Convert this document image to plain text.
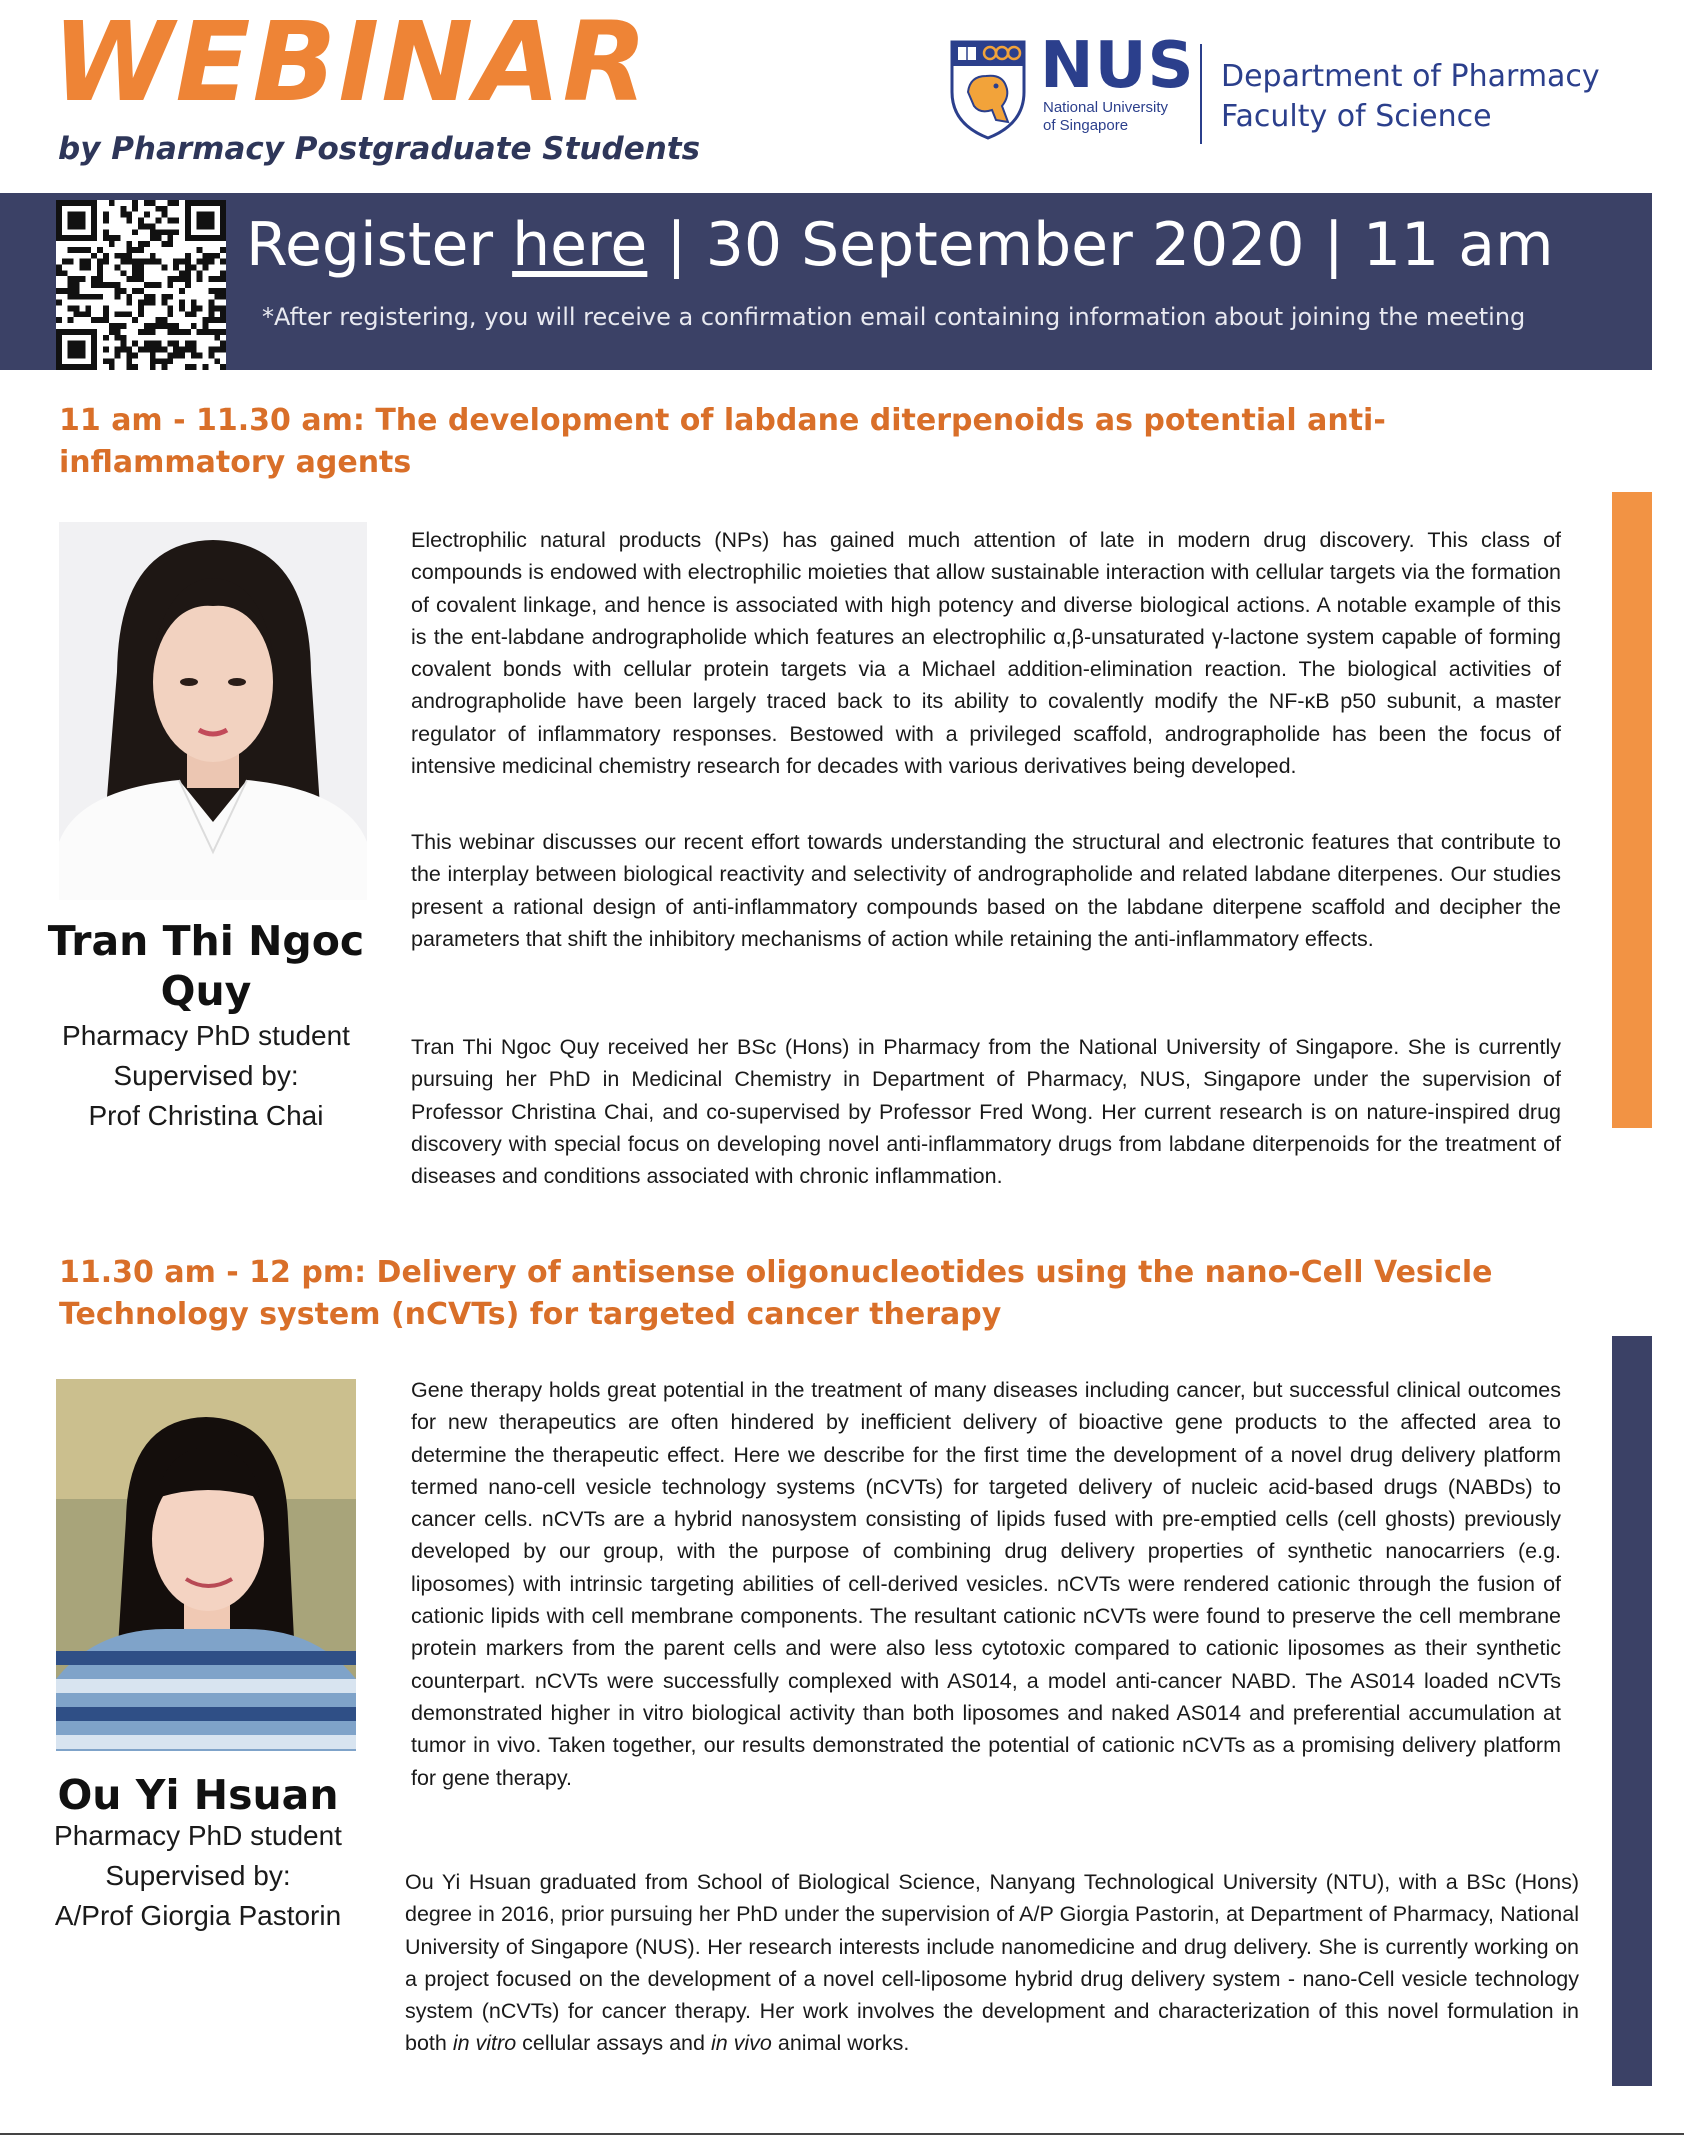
WEBINAR

by Pharmacy Postgraduate Students

NUS
National University
of Singapore
Department of Pharmacy
Faculty of Science
Register here | 30 September 2020 | 11 am
*After registering, you will receive a confirmation email containing information about joining the meeting
11 am - 11.30 am: The development of labdane diterpenoids as potential anti-inflammatory agents
Tran Thi Ngoc Quy
Pharmacy PhD student
Supervised by:
Prof Christina Chai

Electrophilic natural products (NPs) has gained much attention of late in modern drug discovery. This class of compounds is endowed with electrophilic moieties that allow sustainable interaction with cellular targets via the formation of covalent linkage, and hence is associated with high potency and diverse biological actions. A notable example of this is the ent-labdane andrographolide which features an electrophilic α,β-unsaturated γ-lactone system capable of forming covalent bonds with cellular protein targets via a Michael addition-elimination reaction. The biological activities of andrographolide have been largely traced back to its ability to covalently modify the NF-κB p50 subunit, a master regulator of inflammatory responses. Bestowed with a privileged scaffold, andrographolide has been the focus of intensive medicinal chemistry research for decades with various derivatives being developed.

This webinar discusses our recent effort towards understanding the structural and electronic features that contribute to the interplay between biological reactivity and selectivity of andrographolide and related labdane diterpenes. Our studies present a rational design of anti-inflammatory compounds based on the labdane diterpene scaffold and decipher the parameters that shift the inhibitory mechanisms of action while retaining the anti-inflammatory effects.

Tran Thi Ngoc Quy received her BSc (Hons) in Pharmacy from the National University of Singapore. She is currently pursuing her PhD in Medicinal Chemistry in Department of Pharmacy, NUS, Singapore under the supervision of Professor Christina Chai, and co-supervised by Professor Fred Wong. Her current research is on nature-inspired drug discovery with special focus on developing novel anti-inflammatory drugs from labdane diterpenoids for the treatment of diseases and conditions associated with chronic inflammation.

11.30 am - 12 pm: Delivery of antisense oligonucleotides using the nano-Cell Vesicle Technology system (nCVTs) for targeted cancer therapy
Ou Yi Hsuan
Pharmacy PhD student
Supervised by:
A/Prof Giorgia Pastorin

Gene therapy holds great potential in the treatment of many diseases including cancer, but successful clinical outcomes for new therapeutics are often hindered by inefficient delivery of bioactive gene products to the affected area to determine the therapeutic effect. Here we describe for the first time the development of a novel drug delivery platform termed nano-cell vesicle technology systems (nCVTs) for targeted delivery of nucleic acid-based drugs (NABDs) to cancer cells. nCVTs are a hybrid nanosystem consisting of lipids fused with pre-emptied cells (cell ghosts) previously developed by our group, with the purpose of combining drug delivery properties of synthetic nanocarriers (e.g. liposomes) with intrinsic targeting abilities of cell-derived vesicles. nCVTs were rendered cationic through the fusion of cationic lipids with cell membrane components. The resultant cationic nCVTs were found to preserve the cell membrane protein markers from the parent cells and were also less cytotoxic compared to cationic liposomes as their synthetic counterpart. nCVTs were successfully complexed with AS014, a model anti-cancer NABD. The AS014 loaded nCVTs demonstrated higher in vitro biological activity than both liposomes and naked AS014 and preferential accumulation at tumor in vivo. Taken together, our results demonstrated the potential of cationic nCVTs as a promising delivery platform for gene therapy.

Ou Yi Hsuan graduated from School of Biological Science, Nanyang Technological University (NTU), with a BSc (Hons) degree in 2016, prior pursuing her PhD under the supervision of A/P Giorgia Pastorin, at Department of Pharmacy, National University of Singapore (NUS). Her research interests include nanomedicine and drug delivery. She is currently working on a project focused on the development of a novel cell-liposome hybrid drug delivery system - nano-Cell vesicle technology system (nCVTs) for cancer therapy. Her work involves the development and characterization of this novel formulation in both in vitro cellular assays and in vivo animal works.
